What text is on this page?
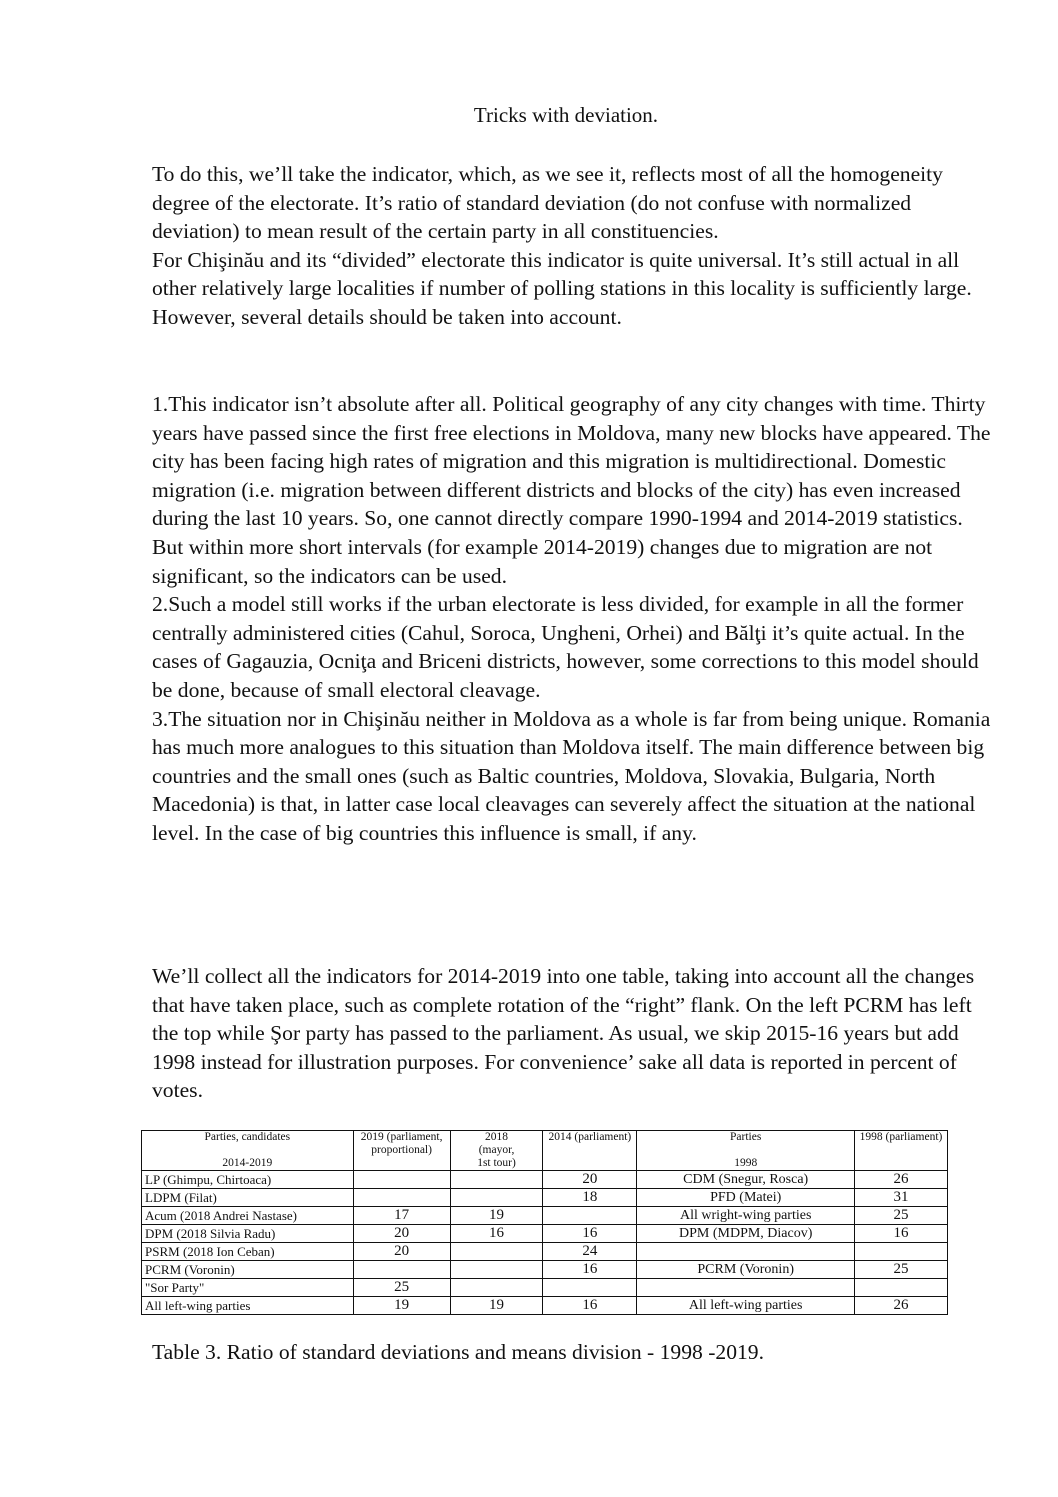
Tricks with deviation.

To do this, we’ll take the indicator, which, as we see it, reflects most of all the homogeneity degree of the electorate. It’s ratio of standard deviation (do not confuse with normalized deviation) to mean result of the certain party in all constituencies.

For Chişinău and its “divided” electorate this indicator is quite universal. It’s still actual in all other relatively large localities if number of polling stations in this locality is sufficiently large. However, several details should be taken into account.

1.This indicator isn’t absolute after all. Political geography of any city changes with time. Thirty years have passed since the first free elections in Moldova, many new blocks have appeared. The city has been facing high rates of migration and this migration is multidirectional. Domestic migration (i.e. migration between different districts and blocks of the city) has even increased during the last 10 years. So, one cannot directly compare 1990-1994 and 2014-2019 statistics. But within more short intervals (for example 2014-2019) changes due to migration are not significant, so the indicators can be used.

2.Such a model still works if the urban electorate is less divided, for example in all the former centrally administered cities (Cahul, Soroca, Ungheni, Orhei) and Bălţi it’s quite actual. In the cases of Gagauzia, Ocniţa and Briceni districts, however, some corrections to this model should be done, because of small electoral cleavage.

3.The situation nor in Chişinău neither in Moldova as a whole is far from being unique. Romania has much more analogues to this situation than Moldova itself. The main difference between big countries and the small ones (such as Baltic countries, Moldova, Slovakia, Bulgaria, North Macedonia) is that, in latter case local cleavages can severely affect the situation at the national level. In the case of big countries this influence is small, if any.

We’ll collect all the indicators for 2014-2019 into one table, taking into account all the changes that have taken place, such as complete rotation of the “right” flank. On the left PCRM has left the top while Şor party has passed to the parliament. As usual, we skip 2015-16 years but add 1998 instead for illustration purposes. For convenience’ sake all data is reported in percent of votes.

Parties, candidates
2014-2019	2019 (parliament, proportional)	2018
(mayor,
1st tour)	2014 (parliament)	Parties
1998	1998 (parliament)
LP (Ghimpu, Chirtoaca)			20	CDM (Snegur, Rosca)	26
LDPM (Filat)			18	PFD (Matei)	31
Acum (2018 Andrei Nastase)	17	19		All wright-wing parties	25
DPM (2018 Silvia Radu)	20	16	16	DPM (MDPM, Diacov)	16
PSRM (2018 Ion Ceban)	20		24		
PCRM (Voronin)			16	PCRM (Voronin)	25
"Sor Party"	25				
All left-wing parties	19	19	16	All left-wing parties	26
Table 3. Ratio of standard deviations and means division - 1998 -2019.
